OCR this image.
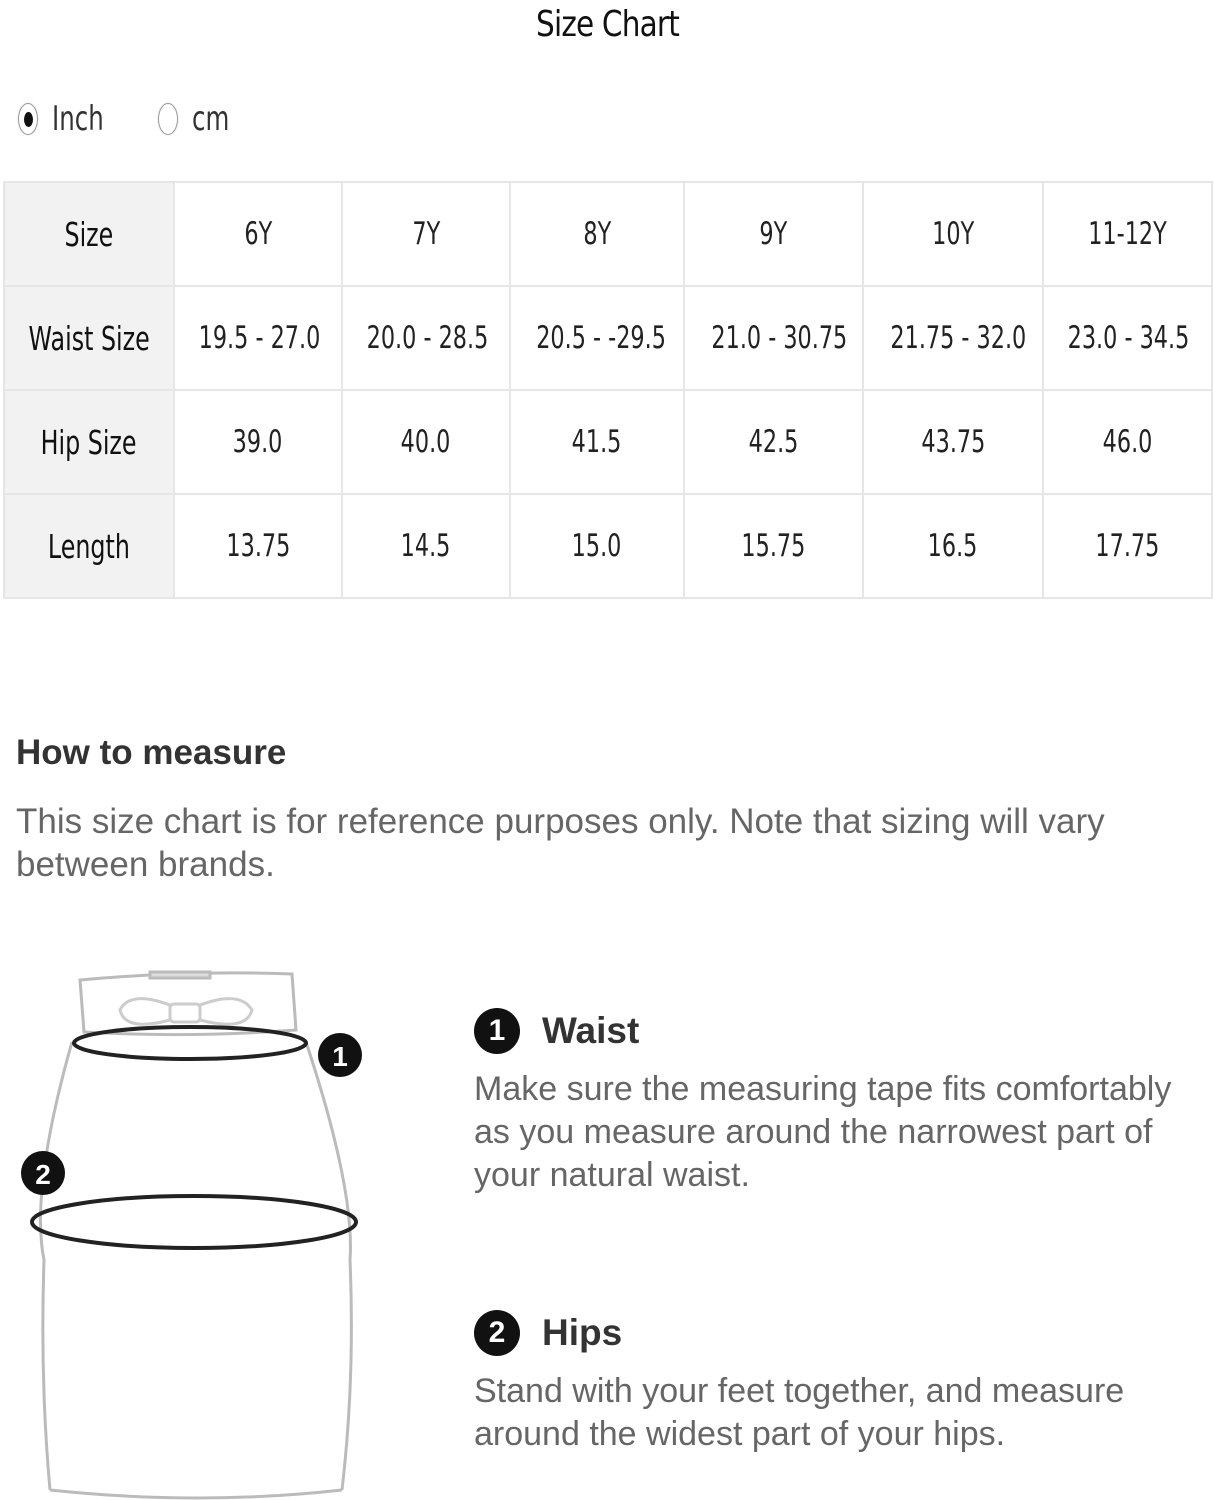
Size Chart
Inch	cm
Size	6Y	7Y	8Y	9Y	10Y	11-12Y
Waist Size	19.5 - 27.0	20.0 - 28.5	20.5 - -29.5	21.0 - 30.75	21.75 - 32.0	23.0 - 34.5
Hip Size	39.0	40.0	41.5	42.5	43.75	46.0
Length	13.75	14.5	15.0	15.75	16.5	17.75
How to measure
This size chart is for reference purposes only. Note that sizing will vary between brands.
1
2
1 Waist
Make sure the measuring tape fits comfortably as you measure around the narrowest part of your natural waist.
2 Hips
Stand with your feet together, and measure around the widest part of your hips.
